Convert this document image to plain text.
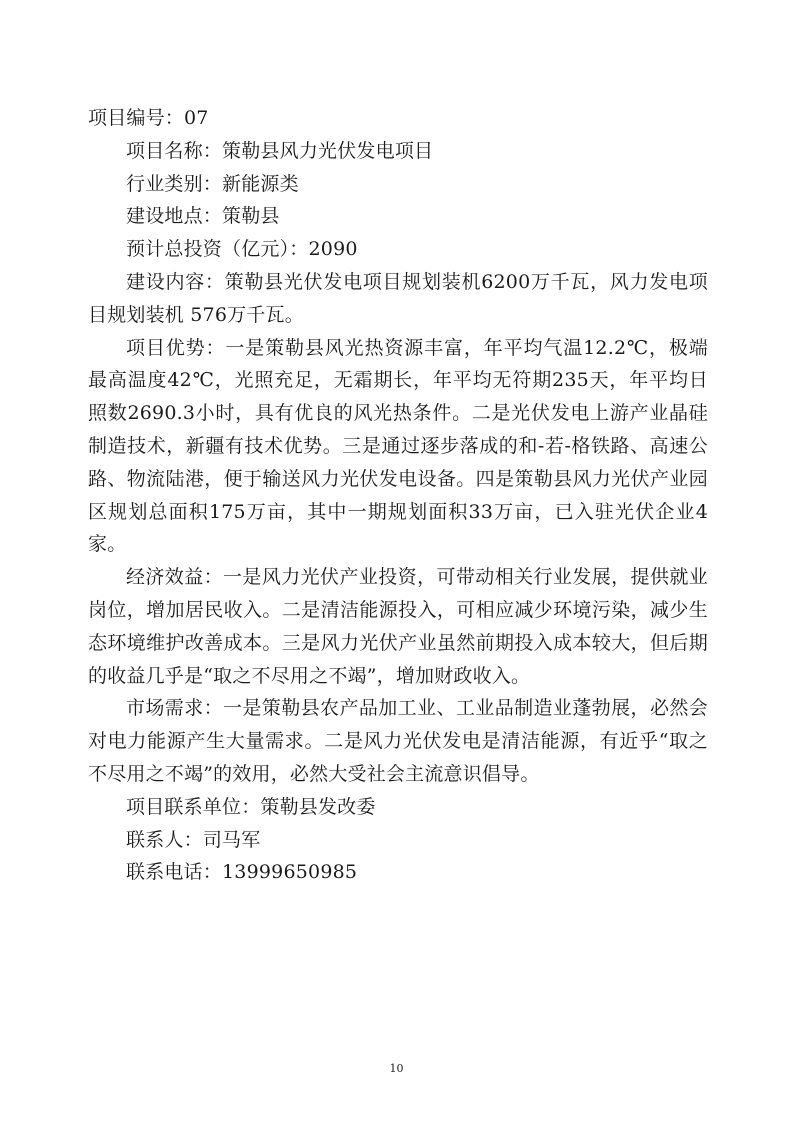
项目编号：07

项目名称：策勒县风力光伏发电项目

行业类别：新能源类

建设地点：策勒县

预计总投资（亿元）：2090

建设内容：策勒县光伏发电项目规划装机6200万千瓦，风力发电项目规划装机 576万千瓦。

项目优势：一是策勒县风光热资源丰富，年平均气温12.2℃，极端最高温度42℃，光照充足，无霜期长，年平均无符期235天，年平均日照数2690.3小时，具有优良的风光热条件。二是光伏发电上游产业晶硅制造技术，新疆有技术优势。三是通过逐步落成的和-若-格铁路、高速公路、物流陆港，便于输送风力光伏发电设备。四是策勒县风力光伏产业园区规划总面积175万亩，其中一期规划面积33万亩，已入驻光伏企业4家。

经济效益：一是风力光伏产业投资，可带动相关行业发展，提供就业岗位，增加居民收入。二是清洁能源投入，可相应减少环境污染，减少生态环境维护改善成本。三是风力光伏产业虽然前期投入成本较大，但后期的收益几乎是“取之不尽用之不竭”，增加财政收入。

市场需求：一是策勒县农产品加工业、工业品制造业蓬勃展，必然会对电力能源产生大量需求。二是风力光伏发电是清洁能源，有近乎“取之不尽用之不竭”的效用，必然大受社会主流意识倡导。

项目联系单位：策勒县发改委

联系人：司马军

联系电话：13999650985

10
